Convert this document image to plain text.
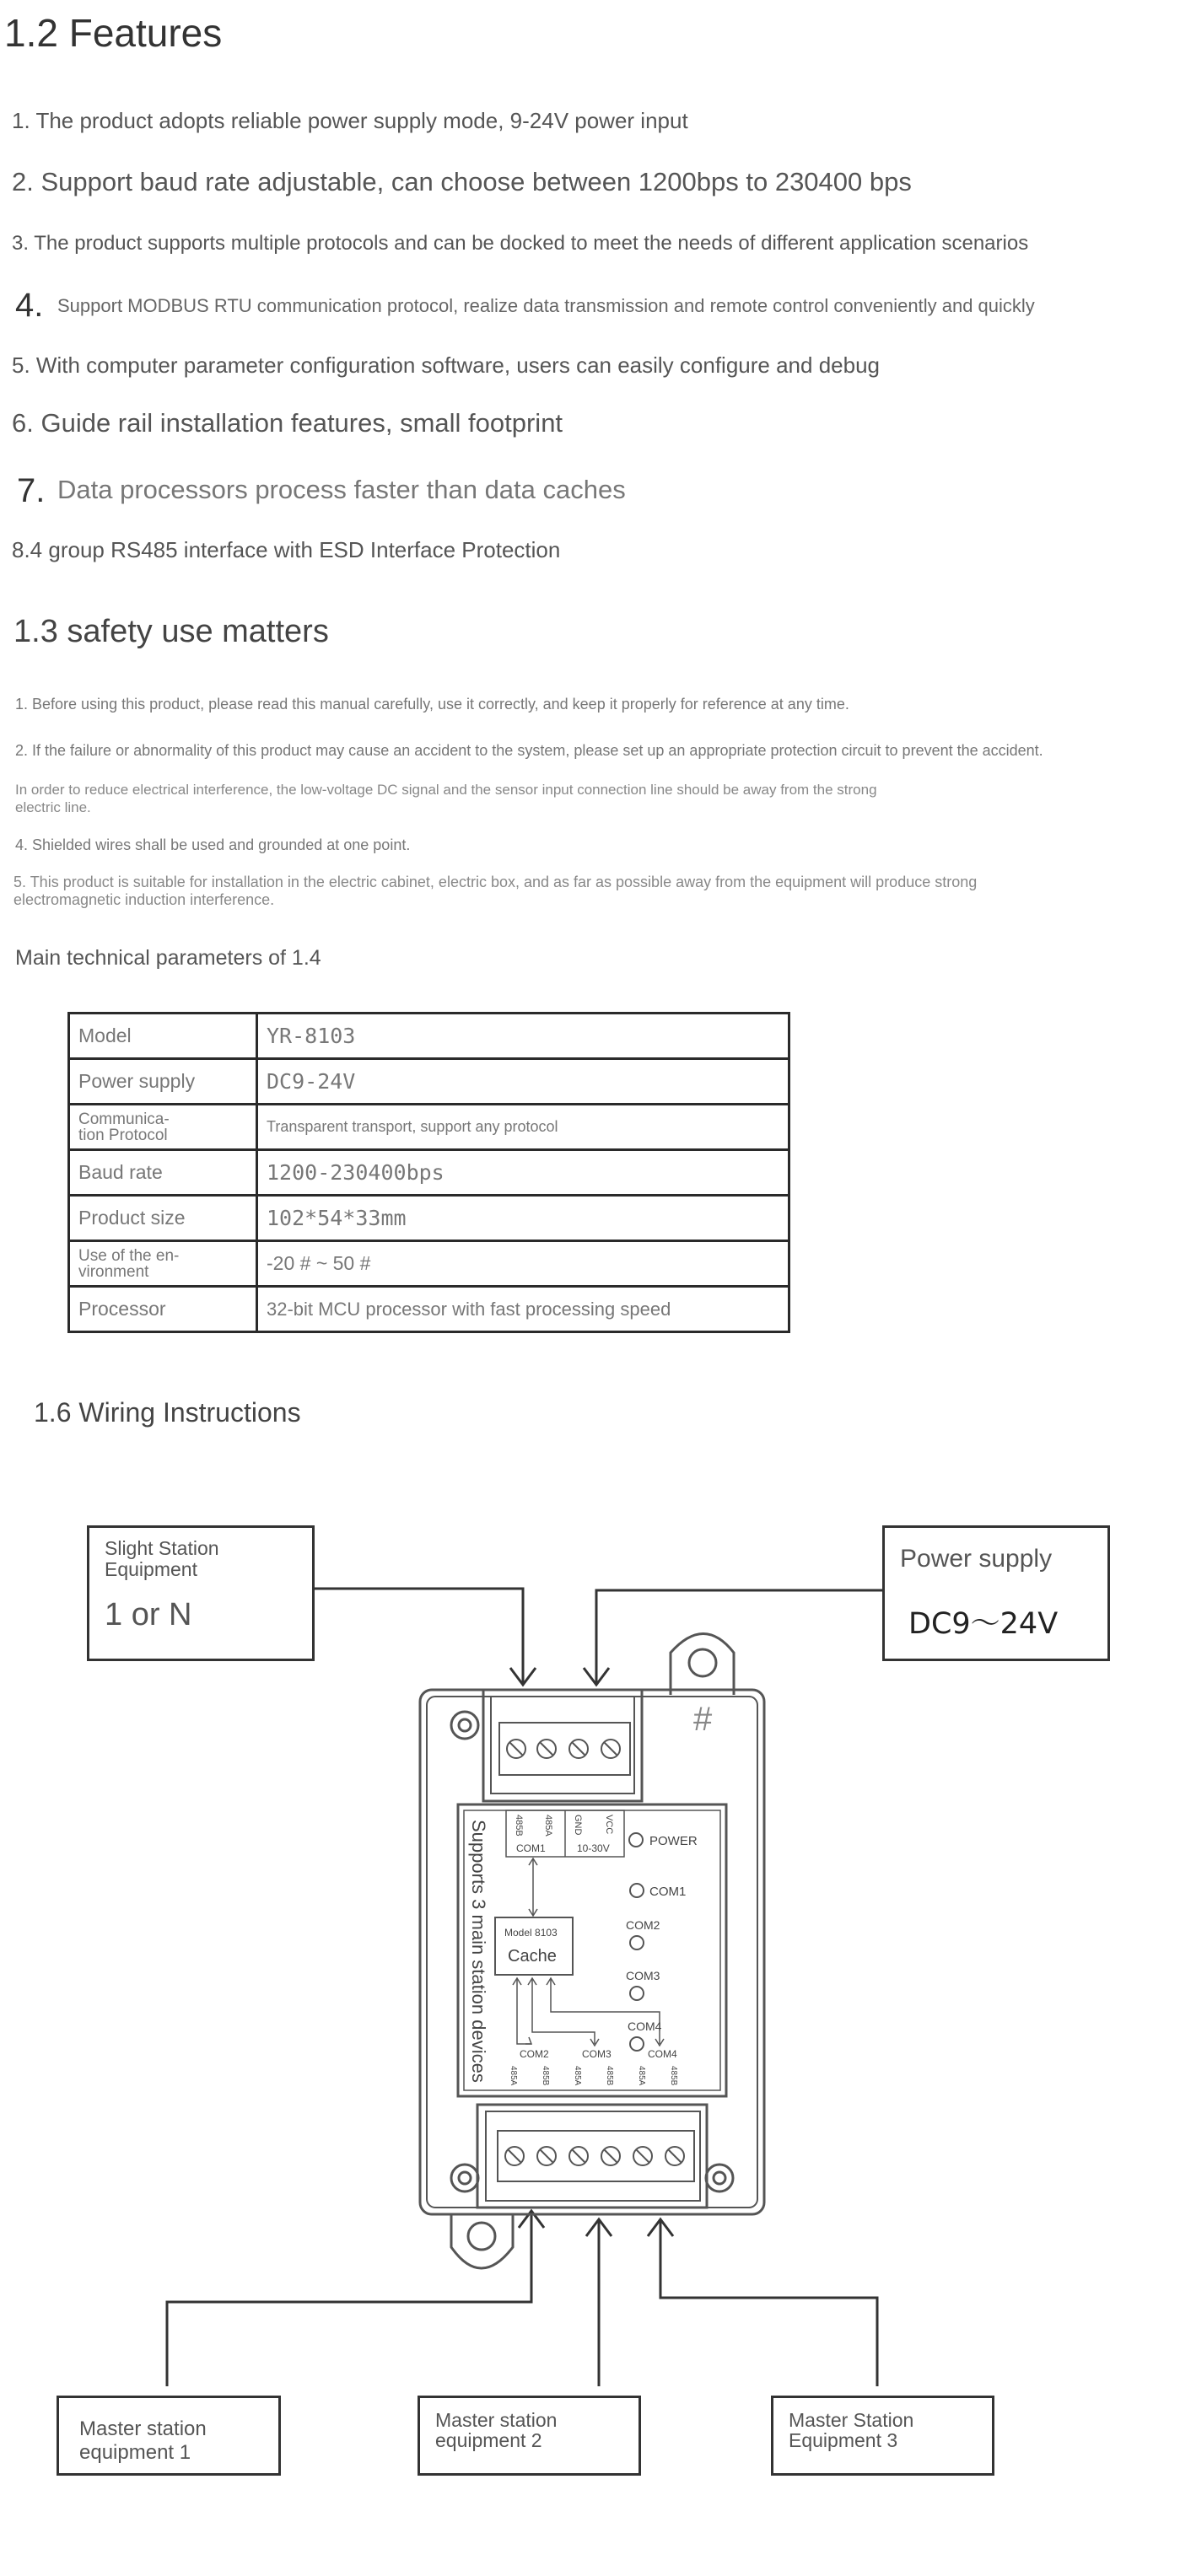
1.2 Features
1. The product adopts reliable power supply mode, 9-24V power input
2. Support baud rate adjustable, can choose between 1200bps to 230400 bps
3. The product supports multiple protocols and can be docked to meet the needs of different application scenarios
4. Support MODBUS RTU communication protocol, realize data transmission and remote control conveniently and quickly
5. With computer parameter configuration software, users can easily configure and debug
6. Guide rail installation features, small footprint
7. Data processors process faster than data caches
8.4 group RS485 interface with ESD Interface Protection
1.3 safety use matters
1. Before using this product, please read this manual carefully, use it correctly, and keep it properly for reference at any time.
2. If the failure or abnormality of this product may cause an accident to the system, please set up an appropriate protection circuit to prevent the accident.
In order to reduce electrical interference, the low-voltage DC signal and the sensor input connection line should be away from the strong electric line.
4. Shielded wires shall be used and grounded at one point.
5. This product is suitable for installation in the electric cabinet, electric box, and as far as possible away from the equipment will produce strong electromagnetic induction interference.
Main technical parameters of 1.4
Model	YR-8103
Power supply	DC9-24V
Communica-
tion Protocol	Transparent transport, support any protocol
Baud rate	1200-230400bps
Product size	102*54*33mm
Use of the en-
vironment	-20 # ~ 50 #
Processor	32-bit MCU processor with fast processing speed
1.6 Wiring Instructions
#
Supports 3 main station devices	485B 485A GND VCC
COM1	10-30V	POWER
COM1
COM2
COM3
COM4
Model 8103
Cache
COM2	COM3	COM4
485A	485B	485A	485B	485A	485B
Slight Station
Equipment
1 or N
Power supply
DC9～24V
Master station equipment 1
Master station
equipment 2
Master Station
Equipment 3
